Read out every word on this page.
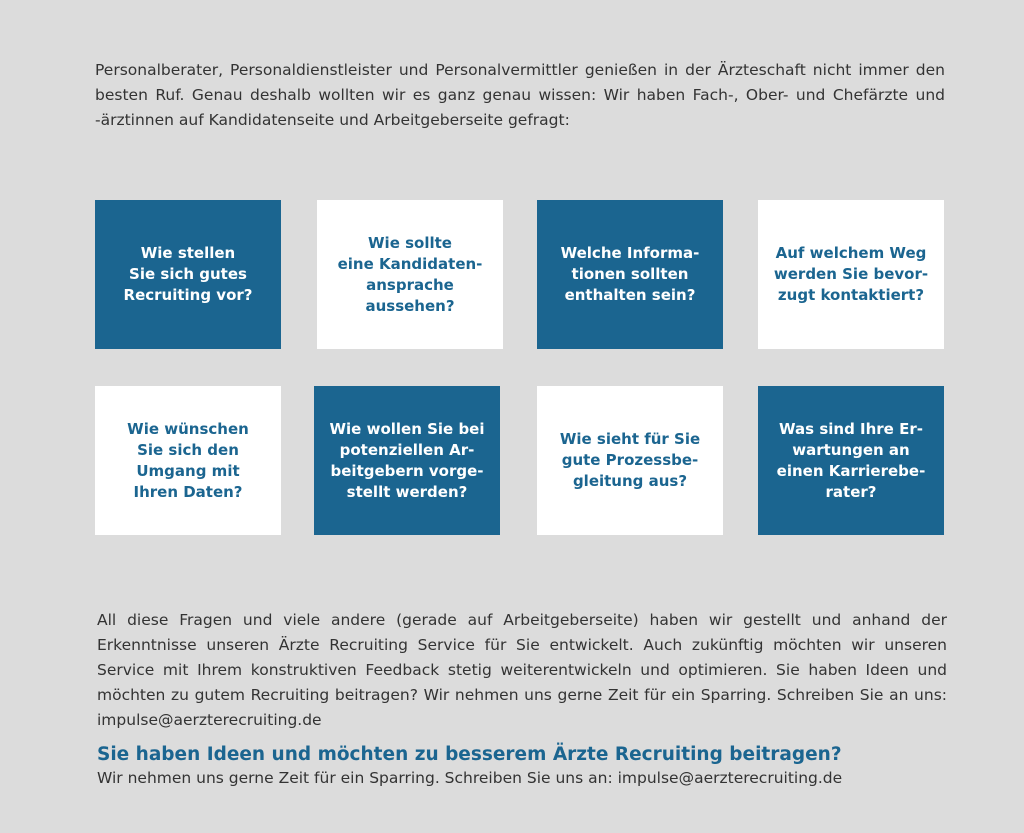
Personalberater, Personaldienstleister und Personalvermittler genießen in der Ärzteschaft nicht immer den besten Ruf. Genau deshalb wollten wir es ganz genau wissen: Wir haben Fach-, Ober- und Chefärzte und -ärztinnen auf Kandidatenseite und Arbeitgeberseite gefragt:

Wie stellen
Sie sich gutes
Recruiting vor?
Wie sollte
eine Kandidaten-
ansprache
aussehen?
Welche Informa-
tionen sollten
enthalten sein?
Auf welchem Weg
werden Sie bevor-
zugt kontaktiert?
Wie wünschen
Sie sich den
Umgang mit
Ihren Daten?
Wie wollen Sie bei
potenziellen Ar-
beitgebern vorge-
stellt werden?
Wie sieht für Sie
gute Prozessbe-
gleitung aus?
Was sind Ihre Er-
wartungen an
einen Karrierebe-
rater?

All diese Fragen und viele andere (gerade auf Arbeitgeberseite) haben wir gestellt und anhand der Erkenntnisse unseren Ärzte Recruiting Service für Sie entwickelt. Auch zukünftig möchten wir unseren Service mit Ihrem konstruktiven Feedback stetig weiterentwickeln und optimieren. Sie haben Ideen und möchten zu gutem Recruiting beitragen? Wir nehmen uns gerne Zeit für ein Sparring. Schreiben Sie an uns: impulse@aerzterecruiting.de

Sie haben Ideen und möchten zu besserem Ärzte Recruiting beitragen?

Wir nehmen uns gerne Zeit für ein Sparring. Schreiben Sie uns an: impulse@aerzterecruiting.de
